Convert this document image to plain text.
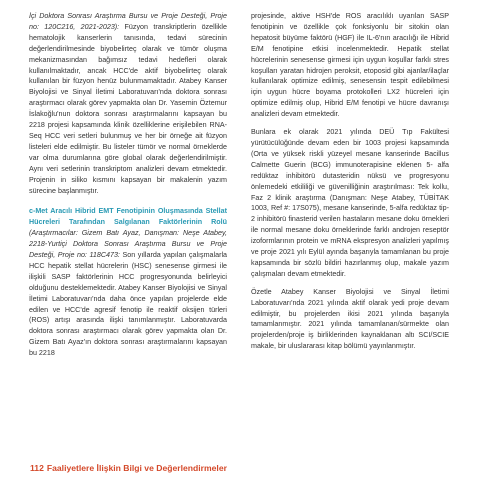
İçi Doktora Sonrası Araştırma Bursu ve Proje Desteği, Proje no: 120C216, 2021-2023): Füzyon transkriptlerin özellikle hematolojik kanserlerin tanısında, tedavi sürecinin değerlendirilmesinde biyobelirteç olarak ve tümör oluşma mekanizmasından bağımsız tedavi hedefleri olarak kullanılmaktadır, ancak HCC'de aktif biyobelirteç olarak kullanılan bir füzyon henüz bulunmamaktadır. Atabey Kanser Biyolojisi ve Sinyal İletimi Laboratuvarı'nda doktora sonrası araştırmacı olarak görev yapmakta olan Dr. Yasemin Öztemur İslakoğlu'nun doktora sonrası araştırmalarını kapsayan bu 2218 projesi kapsamında klinik özelliklerine erişilebilen RNA-Seq HCC veri setleri bulunmuş ve her bir örneğe ait füzyon listeleri elde edilmiştir. Bu listeler tümör ve normal örneklerde var olma durumlarına göre global olarak değerlendirilmiştir. Aynı veri setlerinin transkriptom analizleri devam etmektedir. Projenin in siliko kısmını kapsayan bir makalenin yazım sürecine başlanmıştır.

c-Met Aracılı Hibrid EMT Fenotipinin Oluşmasında Stellat Hücreleri Tarafından Salgılanan Faktörlerinin Rolü (Araştırmacılar: Gizem Batı Ayaz, Danışman: Neşe Atabey, 2218-Yurtiçi Doktora Sonrası Araştırma Bursu ve Proje Desteği, Proje no: 118C473: Son yıllarda yapılan çalışmalarla HCC hepatik stellat hücrelerin (HSC) senesense girmesi ile ilişkili SASP faktörlerinin HCC progresyonunda belirleyici olduğunu desteklemektedir. Atabey Kanser Biyolojisi ve Sinyal İletimi Laboratuvarı'nda daha önce yapılan projelerde elde edilen ve HCC'de agresif fenotip ile reaktif oksijen türleri (ROS) artışı arasında ilişki tanımlanmıştır. Laboratuvarda doktora sonrası araştırmacı olarak görev yapmakta olan Dr. Gizem Batı Ayaz'ın doktora sonrası araştırmalarını kapsayan bu 2218

projesinde, aktive HSH'de ROS aracılıklı uyarılan SASP fenotipinin ve özellikle çok fonksiyonlu bir sitokin olan hepatosit büyüme faktörü (HGF) ile IL-6'nın aracılığı ile Hibrid E/M fenotipine etkisi incelenmektedir. Hepatik stellat hücrelerinin senesense girmesi için uygun koşullar farklı stres koşulları yaratan hidrojen peroksit, etoposid gibi ajanlar/ilaçlar kullanılarak optimize edilmiş, senesensin tespit edilebilmesi için uygun hücre boyama protokolleri LX2 hücreleri için optimize edilmiş olup, Hibrid E/M fenotipi ve hücre davranışı analizleri devam etmektedir.

Bunlara ek olarak 2021 yılında DEÜ Tıp Fakültesi yürütücülüğünde devam eden bir 1003 projesi kapsamında (Orta ve yüksek riskli yüzeyel mesane kanserinde Bacillus Calmette Guerin (BCG) immunoterapisine eklenen 5- alfa redüktaz inhibitörü dutasteridin nüksü ve progresyonu önlemedeki etkililiği ve güvenilliğinin araştırılması: Tek kollu, Faz 2 klinik araştırma (Danışman: Neşe Atabey, TÜBİTAK 1003, Ref #: 17S075), mesane kanserinde, 5-alfa redüktaz tip-2 inhibitörü finasterid verilen hastaların mesane doku örnekleri ile normal mesane doku örneklerinde farklı androjen reseptör izoformlarının protein ve mRNA ekspresyon analizleri yapılmış ve proje 2021 yılı Eylül ayında başarıyla tamamlanan bu proje kapsamında bir sözlü bildiri hazırlanmış olup, makale yazım çalışmaları devam etmektedir.

Özetle Atabey Kanser Biyolojisi ve Sinyal İletimi Laboratuvarı'nda 2021 yılında aktif olarak yedi proje devam edilmiştir, bu projelerden ikisi 2021 yılında başarıyla tamamlanmıştır. 2021 yılında tamamlanan/sürmekte olan projelerden/proje iş birliklerinden kaynaklanan altı SCI/SCIE makale, bir uluslararası kitap bölümü yayınlanmıştır.

112 Faaliyetlere İlişkin Bilgi ve Değerlendirmeler
